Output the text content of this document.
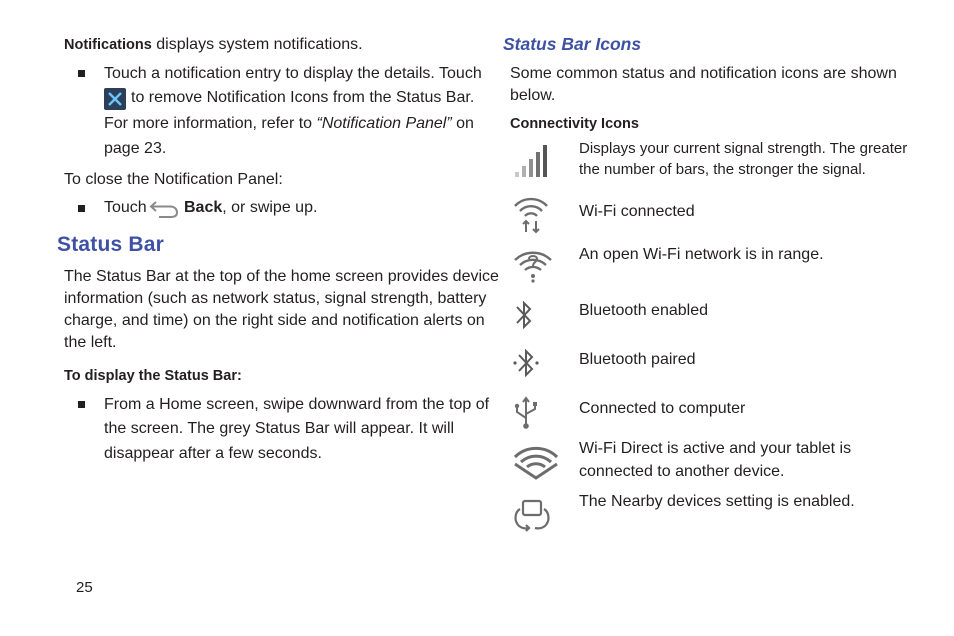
Notifications displays system notifications.
Touch a notification entry to display the details. Touch
to remove Notification Icons from the Status Bar.
For more information, refer to “Notification Panel” on
page 23.
To close the Notification Panel:
Touch Back, or swipe up.
Status Bar
The Status Bar at the top of the home screen provides device
information (such as network status, signal strength, battery
charge, and time) on the right side and notification alerts on
the left.
To display the Status Bar:
From a Home screen, swipe downward from the top of
the screen. The grey Status Bar will appear. It will
disappear after a few seconds.
Status Bar Icons
Some common status and notification icons are shown
below.
Connectivity Icons
Displays your current signal strength. The greater
the number of bars, the stronger the signal.
Wi-Fi connected
An open Wi-Fi network is in range.
Bluetooth enabled
Bluetooth paired
Connected to computer
Wi-Fi Direct is active and your tablet is
connected to another device.
The Nearby devices setting is enabled.
25
